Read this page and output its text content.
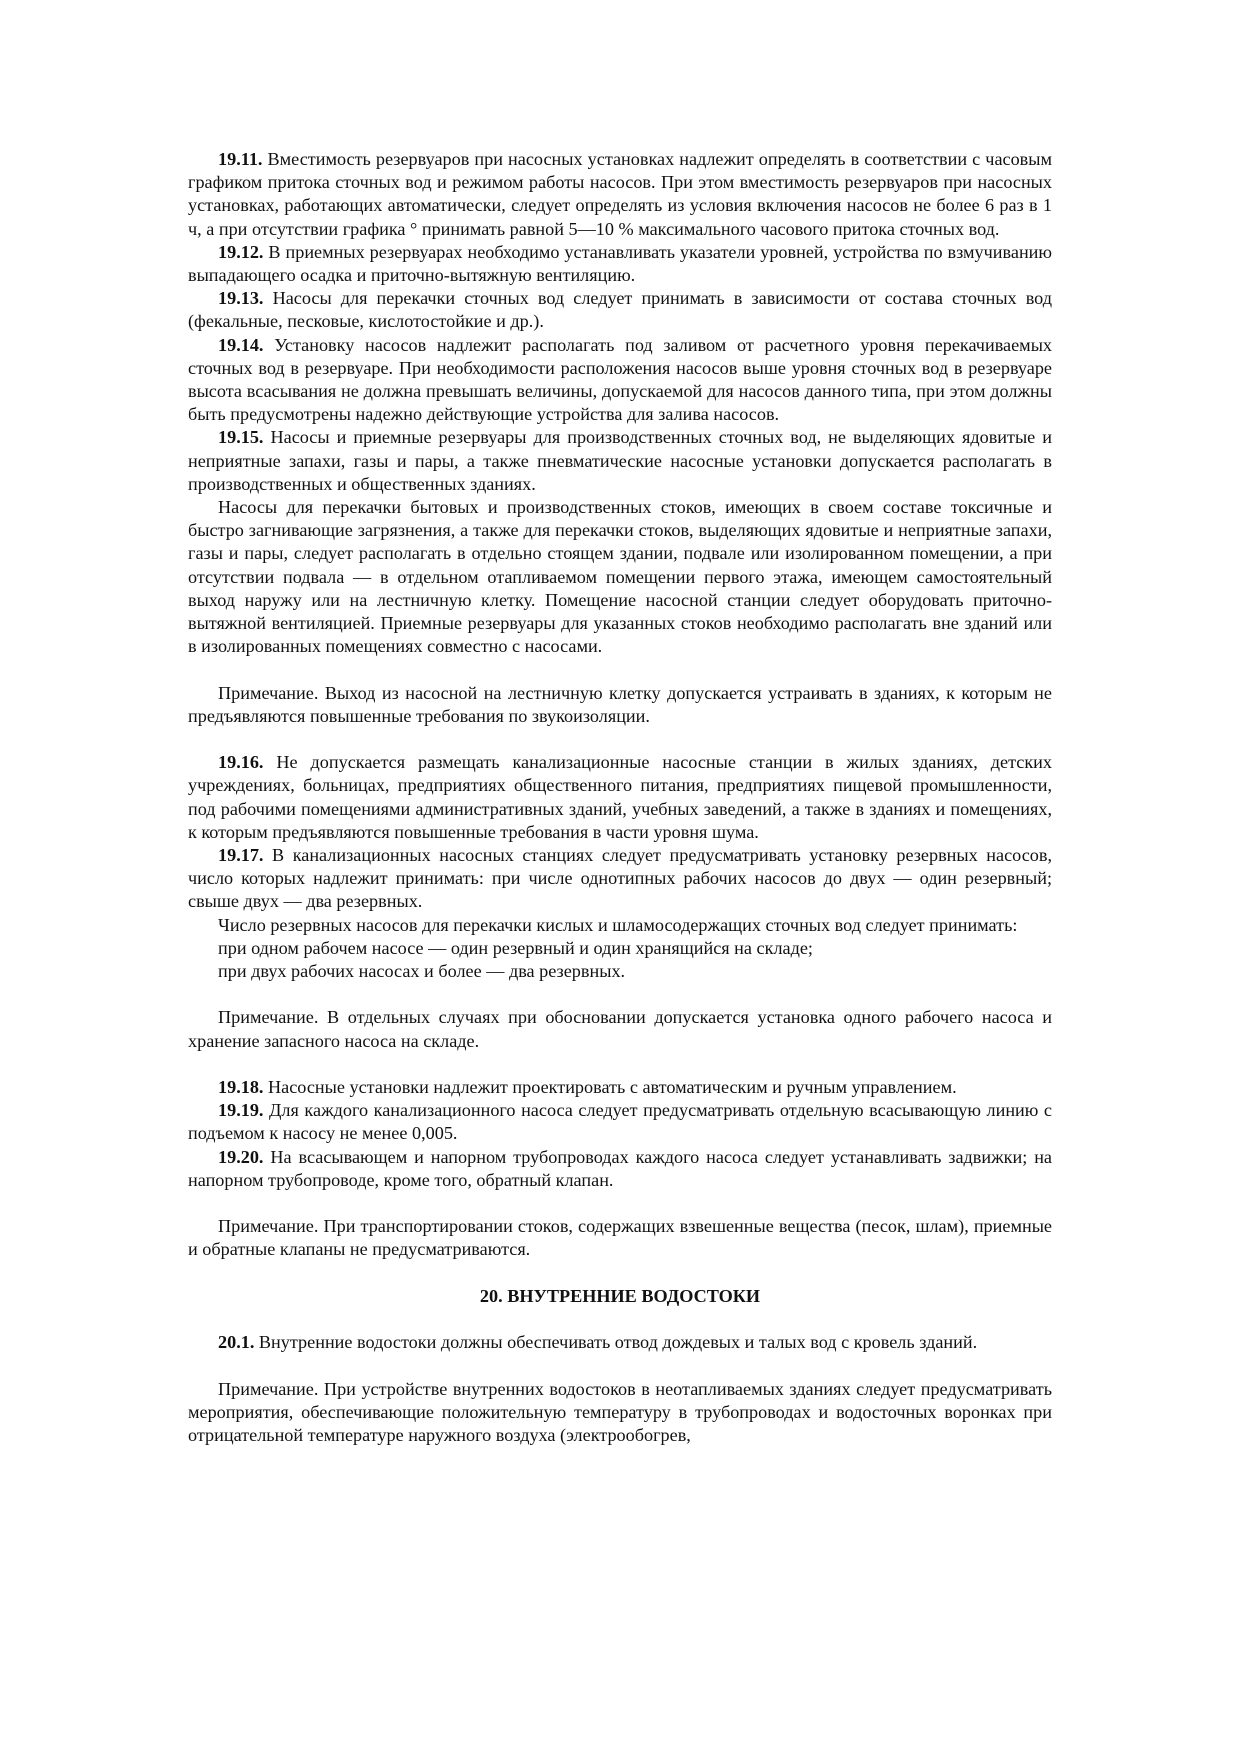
19.11. Вместимость резервуаров при насосных установках надлежит определять в соответствии с часовым графиком притока сточных вод и режимом работы насосов. При этом вместимость резервуаров при насосных установках, работающих автоматически, следует определять из условия включения насосов не более 6 раз в 1 ч, а при отсутствии графика ° принимать равной 5—10 % максимального часового притока сточных вод.

19.12. В приемных резервуарах необходимо устанавливать указатели уровней, устройства по взмучиванию выпадающего осадка и приточно-вытяжную вентиляцию.

19.13. Насосы для перекачки сточных вод следует принимать в зависимости от состава сточных вод (фекальные, песковые, кислотостойкие и др.).

19.14. Установку насосов надлежит располагать под заливом от расчетного уровня перекачиваемых сточных вод в резервуаре. При необходимости расположения насосов выше уровня сточных вод в резервуаре высота всасывания не должна превышать величины, допускаемой для насосов данного типа, при этом должны быть предусмотрены надежно действующие устройства для залива насосов.

19.15. Насосы и приемные резервуары для производственных сточных вод, не выделяющих ядовитые и неприятные запахи, газы и пары, а также пневматические насосные установки допускается располагать в производственных и общественных зданиях.

Насосы для перекачки бытовых и производственных стоков, имеющих в своем составе токсичные и быстро загнивающие загрязнения, а также для перекачки стоков, выделяющих ядовитые и неприятные запахи, газы и пары, следует располагать в отдельно стоящем здании, подвале или изолированном помещении, а при отсутствии подвала — в отдельном отапливаемом помещении первого этажа, имеющем самостоятельный выход наружу или на лестничную клетку. Помещение насосной станции следует оборудовать приточно-вытяжной вентиляцией. Приемные резервуары для указанных стоков необходимо располагать вне зданий или в изолированных помещениях совместно с насосами.

Примечание. Выход из насосной на лестничную клетку допускается устраивать в зданиях, к которым не предъявляются повышенные требования по звукоизоляции.

19.16. Не допускается размещать канализационные насосные станции в жилых зданиях, детских учреждениях, больницах, предприятиях общественного питания, предприятиях пищевой промышленности, под рабочими помещениями административных зданий, учебных заведений, а также в зданиях и помещениях, к которым предъявляются повышенные требования в части уровня шума.

19.17. В канализационных насосных станциях следует предусматривать установку резервных насосов, число которых надлежит принимать: при числе однотипных рабочих насосов до двух — один резервный; свыше двух — два резервных.

Число резервных насосов для перекачки кислых и шламосодержащих сточных вод следует принимать:

при одном рабочем насосе — один резервный и один хранящийся на складе;

при двух рабочих насосах и более — два резервных.

Примечание. В отдельных случаях при обосновании допускается установка одного рабочего насоса и хранение запасного насоса на складе.

19.18. Насосные установки надлежит проектировать с автоматическим и ручным управлением.

19.19. Для каждого канализационного насоса следует предусматривать отдельную всасывающую линию с подъемом к насосу не менее 0,005.

19.20. На всасывающем и напорном трубопроводах каждого насоса следует устанавливать задвижки; на напорном трубопроводе, кроме того, обратный клапан.

Примечание. При транспортировании стоков, содержащих взвешенные вещества (песок, шлам), приемные и обратные клапаны не предусматриваются.

20. ВНУТРЕННИЕ ВОДОСТОКИ

20.1. Внутренние водостоки должны обеспечивать отвод дождевых и талых вод с кровель зданий.

Примечание. При устройстве внутренних водостоков в неотапливаемых зданиях следует предусматривать мероприятия, обеспечивающие положительную температуру в трубопроводах и водосточных воронках при отрицательной температуре наружного воздуха (электрообогрев,
